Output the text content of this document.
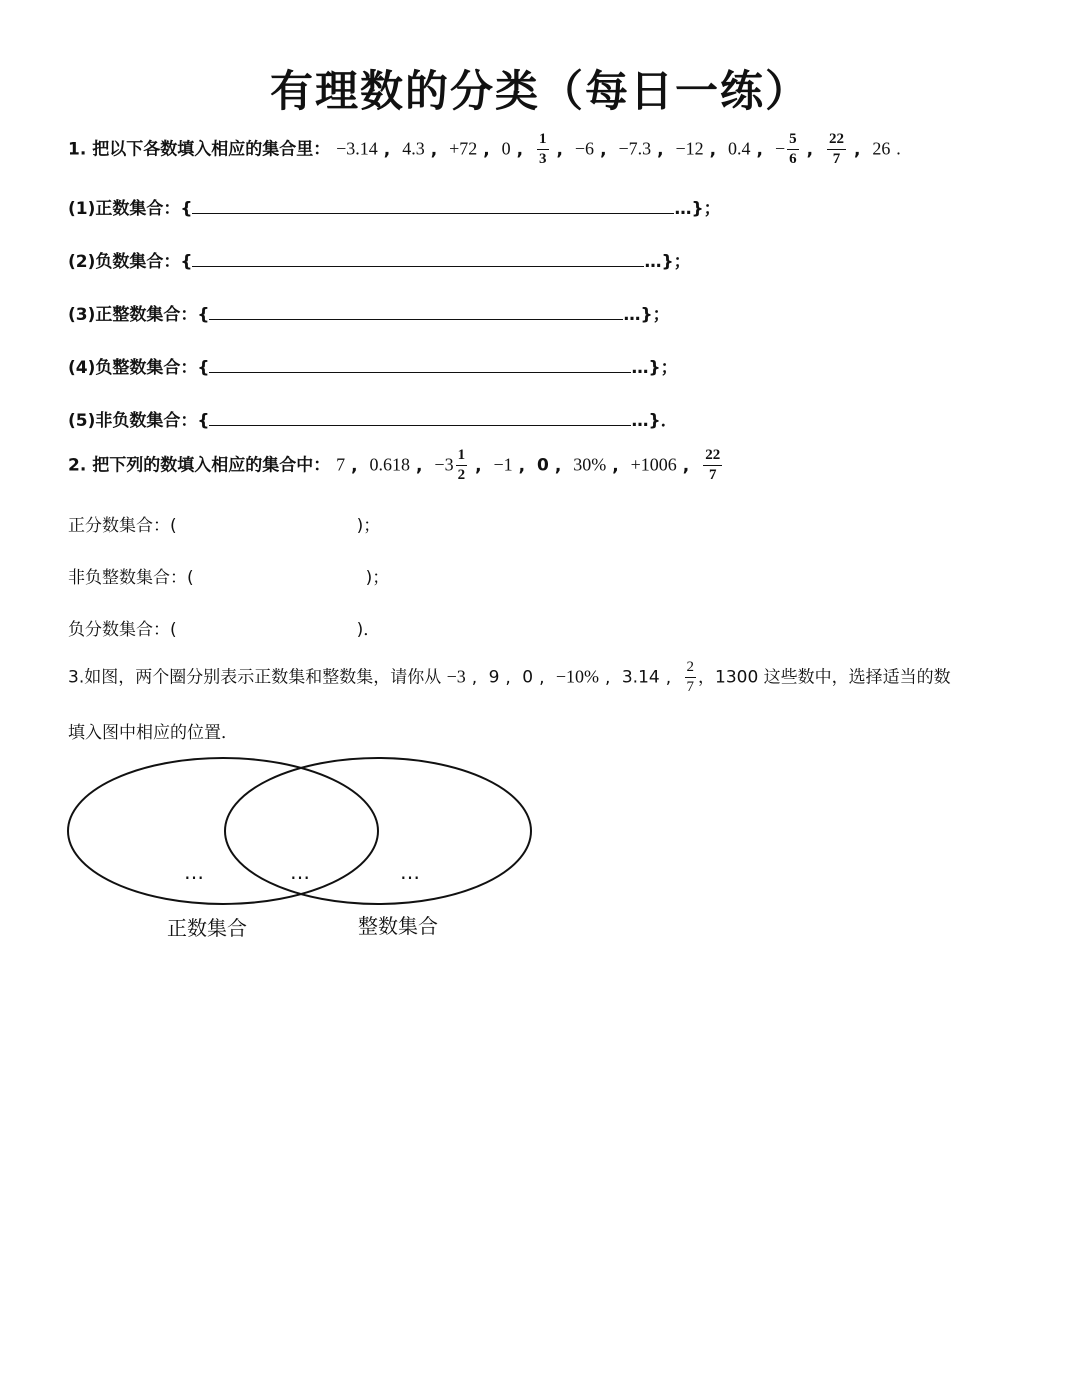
有理数的分类（每日一练）
1. 把以下各数填入相应的集合里： −3.14 , 4.3 , +72 , 0 , $\frac{1}{3}$ , −6 , −7.3 , −12 , 0.4 , − $\frac{5}{6}$ , $\frac{22}{7}$ , 26 .
(1)正数集合：{	…}；
(2)负数集合：{	…}；
(3)正整数集合：{	…}；
(4)负整数集合：{	…}；
(5)非负数集合：{	…}．
2. 把下列的数填入相应的集合中： 7 , 0.618 , $-3 \frac{1}{2}$ , −1 , 0 , 30% , +1006 , $\frac{22}{7}$
正分数集合：(	)；
非负整数集合：(	)；
负分数集合：(	)．
3.如图，两个圈分别表示正数集和整数集，请你从 −3 , 9 , 0 , −10% , 3.14 , $\frac{2}{7}$ ，1300 这些数中，选择适当的数
填入图中相应的位置．
…	…	…
正数集合	整数集合
